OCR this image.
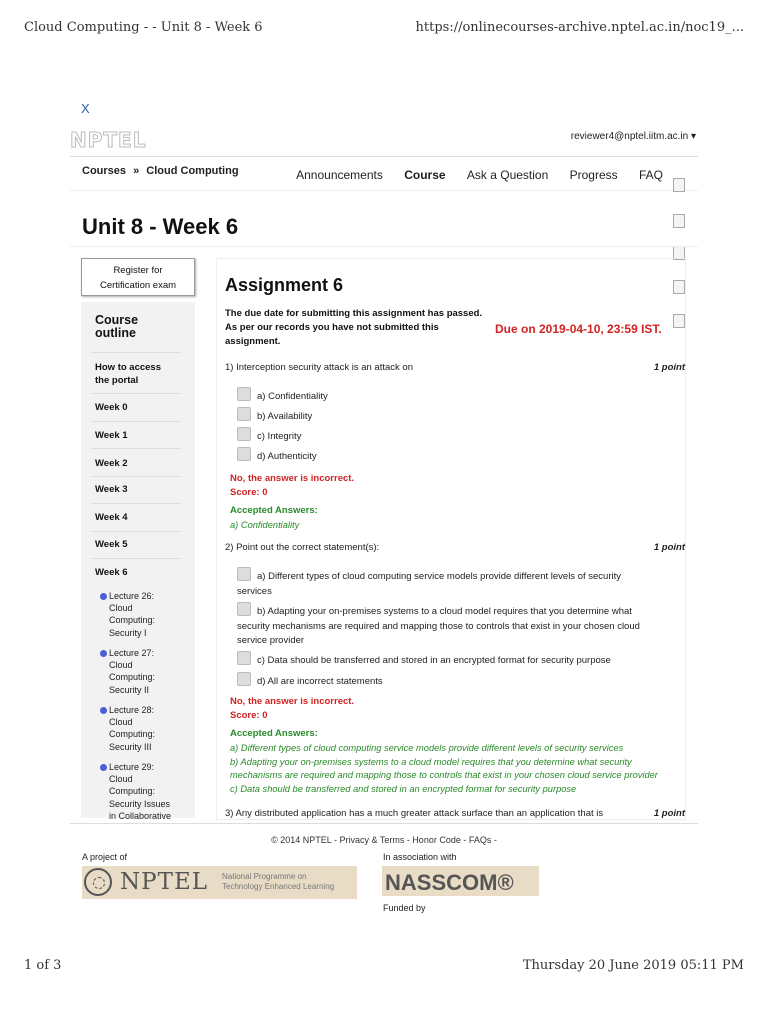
Cloud Computing - - Unit 8 - Week 6	https://onlinecourses-archive.nptel.ac.in/noc19_...
1 of 3	Thursday 20 June 2019 05:11 PM
X
NPTEL	reviewer4@nptel.iitm.ac.in ▾
Courses » Cloud Computing	Announcements Course Ask a Question Progress FAQ
Unit 8 - Week 6
Register for
Certification exam
Course
outline
How to access the portal
Week 0
Week 1
Week 2
Week 3
Week 4
Week 5
Week 6
Lecture 26:
Cloud
Computing:
Security I
Lecture 27:
Cloud
Computing:
Security II
Lecture 28:
Cloud
Computing:
Security III
Lecture 29:
Cloud
Computing:
Security Issues
in Collaborative
Assignment 6
The due date for submitting this assignment has passed.
As per our records you have not submitted this
assignment.
Due on 2019-04-10, 23:59 IST.
1) Interception security attack is an attack on	1 point
a) Confidentiality
b) Availability
c) Integrity
d) Authenticity
No, the answer is incorrect.
Score: 0
Accepted Answers:
a) Confidentiality
2) Point out the correct statement(s):	1 point
a) Different types of cloud computing service models provide different levels of security
services
b) Adapting your on-premises systems to a cloud model requires that you determine what
security mechanisms are required and mapping those to controls that exist in your chosen cloud
service provider
c) Data should be transferred and stored in an encrypted format for security purpose
d) All are incorrect statements
No, the answer is incorrect.
Score: 0
Accepted Answers:
a) Different types of cloud computing service models provide different levels of security services
b) Adapting your on-premises systems to a cloud model requires that you determine what security
mechanisms are required and mapping those to controls that exist in your chosen cloud service provider
c) Data should be transferred and stored in an encrypted format for security purpose
3) Any distributed application has a much greater attack surface than an application that is	1 point
© 2014 NPTEL - Privacy & Terms - Honor Code - FAQs -
A project of	In association with
NPTEL National Programme on
Technology Enhanced Learning NASSCOM®
Funded by
